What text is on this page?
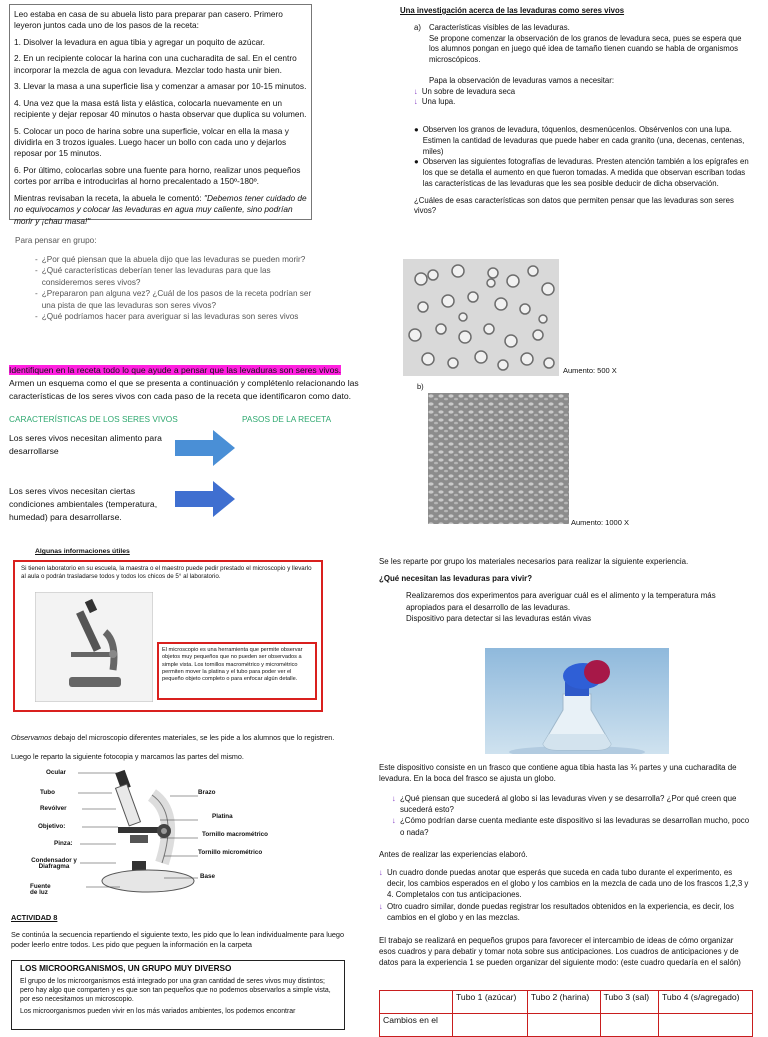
Leo estaba en casa de su abuela listo para preparar pan casero. Primero leyeron juntos cada uno de los pasos de la receta:

1. Disolver la levadura en agua tibia y agregar un poquito de azúcar.

2. En un recipiente colocar la harina con una cucharadita de sal. En el centro incorporar la mezcla de agua con levadura. Mezclar todo hasta unir bien.

3. Llevar la masa a una superficie lisa y comenzar a amasar por 10-15 minutos.

4. Una vez que la masa está lista y elástica, colocarla nuevamente en un recipiente y dejar reposar 40 minutos o hasta observar que duplica su volumen.

5. Colocar un poco de harina sobre una superficie, volcar en ella la masa y dividirla en 3 trozos iguales. Luego hacer un bollo con cada uno y dejarlos reposar por 15 minutos.

6. Por último, colocarlas sobre una fuente para horno, realizar unos pequeños cortes por arriba e introducirlas al horno precalentado a 150º-180º.

Mientras revisaban la receta, la abuela le comentó: "Debemos tener cuidado de no equivocamos y colocar las levaduras en agua muy caliente, sino podrían morir y ¡chau masa!"

Para pensar en grupo:
- ¿Por qué piensan que la abuela dijo que las levaduras se pueden morir?
- ¿Qué características deberían tener las levaduras para que las consideremos seres vivos?
- ¿Prepararon pan alguna vez? ¿Cuál de los pasos de la receta podrían ser una pista de que las levaduras son seres vivos?
- ¿Qué podríamos hacer para averiguar si las levaduras son seres vivos
Identifiquen en la receta todo lo que ayude a pensar que las levaduras son seres vivos. Armen un esquema como el que se presenta a continuación y complétenlo relacionando las características de los seres vivos con cada paso de la receta que identificaron como dato.
CARACTERÍSTICAS DE LOS SERES VIVOS	PASOS DE LA RECETA
Los seres vivos necesitan alimento para desarrollarse
Los seres vivos necesitan ciertas condiciones ambientales (temperatura, humedad) para desarrollarse.
Una investigación acerca de las levaduras como seres vivos
a) Características visibles de las levaduras.
Se propone comenzar la observación de los granos de levadura seca, pues se espera que los alumnos pongan en juego qué idea de tamaño tienen cuando se habla de organismos microscópicos.
Papa la observación de levaduras vamos a necesitar:
↓ Un sobre de levadura seca
↓ Una lupa.
● Observen los granos de levadura, tóquenlos, desmenúcenlos. Obsérvenlos con una lupa. Estimen la cantidad de levaduras que puede haber en cada granito (una, decenas, centenas, miles)
● Observen las siguientes fotografías de levaduras. Presten atención también a los epígrafes en los que se detalla el aumento en que fueron tomadas. A medida que observan escriban todas las características de las levaduras que les sea posible deducir de dicha observación.
¿Cuáles de esas características son datos que permiten pensar que las levaduras son seres vivos?
Aumento: 500 X
b)
Aumento: 1000 X
Algunas informaciones útiles
Si tienen laboratorio en su escuela, la maestra o el maestro puede pedir prestado el microscopio y llevarlo al aula o podrán trasladarse todos y todos los chicos de 5° al laboratorio.
El microscopio es una herramienta que permite observar objetos muy pequeños que no pueden ser observados a simple vista. Los tornillos macrométrico y micrométrico permiten mover la platina y el tubo para poder ver el pequeño objeto completo o para enfocar algún detalle.
Observamos debajo del microscopio diferentes materiales, se les pide a los alumnos que lo registren.
Luego le reparto la siguiente fotocopia y marcamos las partes del mismo.
Ocular
Tubo
Revólver
Objetivo:
Pinza:
Condensador y Diafragma
Fuente de luz
Brazo
Platina
Tornillo macrométrico
Tornillo micrométrico
Base
ACTIVIDAD 8
Se continúa la secuencia repartiendo el siguiente texto, les pido que lo lean individualmente para luego poder leerlo entre todos. Les pido que peguen la información en la carpeta
LOS MICROORGANISMOS, UN GRUPO MUY DIVERSO
El grupo de los microorganismos está integrado por una gran cantidad de seres vivos muy distintos; pero hay algo que comparten y es que son tan pequeños que no podemos observarlos a simple vista, por eso necesitamos un microscopio.
Los microorganismos pueden vivir en los más variados ambientes, los podemos encontrar
Se les reparte por grupo los materiales necesarios para realizar la siguiente experiencia.
¿Qué necesitan las levaduras para vivir?
Realizaremos dos experimentos para averiguar cuál es el alimento y la temperatura más apropiados para el desarrollo de las levaduras.
Dispositivo para detectar si las levaduras están vivas
Este dispositivo consiste en un frasco que contiene agua tibia hasta las ¾ partes y una cucharadita de levadura. En la boca del frasco se ajusta un globo.
↓ ¿Qué piensan que sucederá al globo si las levaduras viven y se desarrolla? ¿Por qué creen que sucederá esto?
↓ ¿Cómo podrían darse cuenta mediante este dispositivo si las levaduras se desarrollan mucho, poco o nada?
Antes de realizar las experiencias elaboró.
↓ Un cuadro donde puedas anotar que esperás que suceda en cada tubo durante el experimento, es decir, los cambios esperados en el globo y los cambios en la mezcla de cada uno de los frascos 1,2,3 y 4. Completalos con tus anticipaciones.
↓ Otro cuadro similar, donde puedas registrar los resultados obtenidos en la experiencia, es decir, los cambios en el globo y en las mezclas.
El trabajo se realizará en pequeños grupos para favorecer el intercambio de ideas de cómo organizar esos cuadros y para debatir y tomar nota sobre sus anticipaciones. Los cuadros de anticipaciones y de datos para la experiencia 1 se pueden organizar del siguiente modo: (este cuadro quedaría en el salón)
	Tubo 1 (azúcar)	Tubo 2 (harina)	Tubo 3 (sal)	Tubo 4 (s/agregado)
Cambios en el				
